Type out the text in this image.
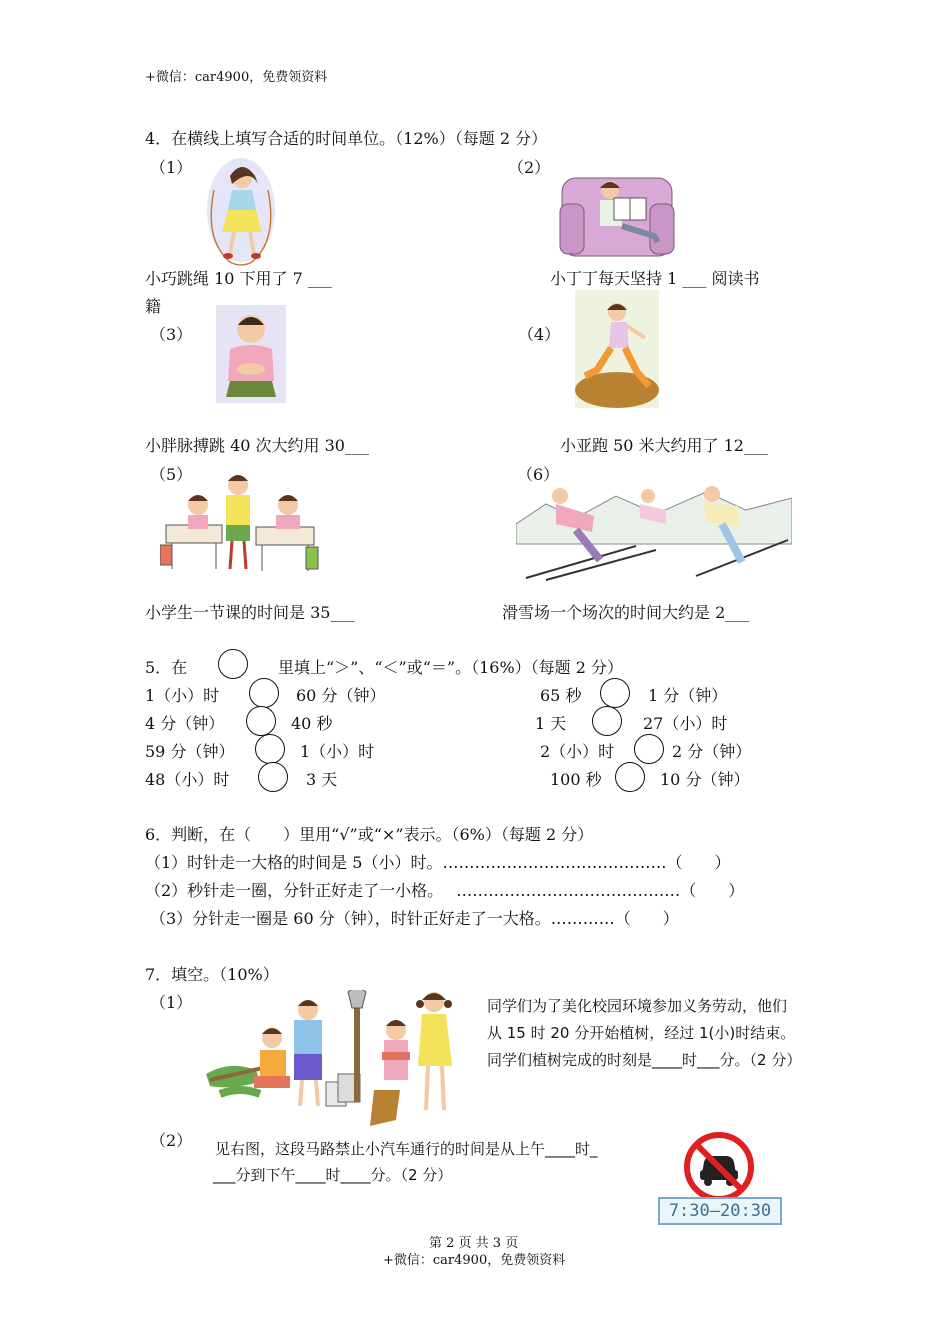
+微信：car4900，免费领资料
4．在横线上填写合适的时间单位。（12%）（每题 2 分）
（1）	（2）
小巧跳绳 10 下用了 7 ___	小丁丁每天坚持 1 ___ 阅读书
籍
（3）	（4）
小胖脉搏跳 40 次大约用 30___	小亚跑 50 米大约用了 12___
（5）	（6）
小学生一节课的时间是 35___	滑雪场一个场次的时间大约是 2___
5．在	里填上“＞”、“＜”或“＝”。（16%）（每题 2 分）
1（小）时	60 分（钟）	65 秒	1 分（钟）
4 分（钟）	40 秒	1 天	27（小）时
59 分（钟）	1（小）时	2（小）时	2 分（钟）
48（小）时	3 天	100 秒	10 分（钟）
6．判断，在（　　）里用“√”或“×”表示。（6%）（每题 2 分）
（1）时针走一大格的时间是 5（小）时。……………………………………（　　）
（2）秒针走一圈，分针正好走了一小格。　 ……………………………………（　　）
（3）分针走一圈是 60 分（钟），时针正好走了一大格。…………（　　）
7．填空。（10%）
（1）	同学们为了美化校园环境参加义务劳动，他们从 15 时 20 分开始植树，经过 1(小)时结束。同学们植树完成的时刻是____时___分。（2 分）
（2） 见右图，这段马路禁止小汽车通行的时间是从上午____时_
___分到下午____时____分。（2 分）
7:30—20:30
第 2 页 共 3 页
+微信：car4900，免费领资料
